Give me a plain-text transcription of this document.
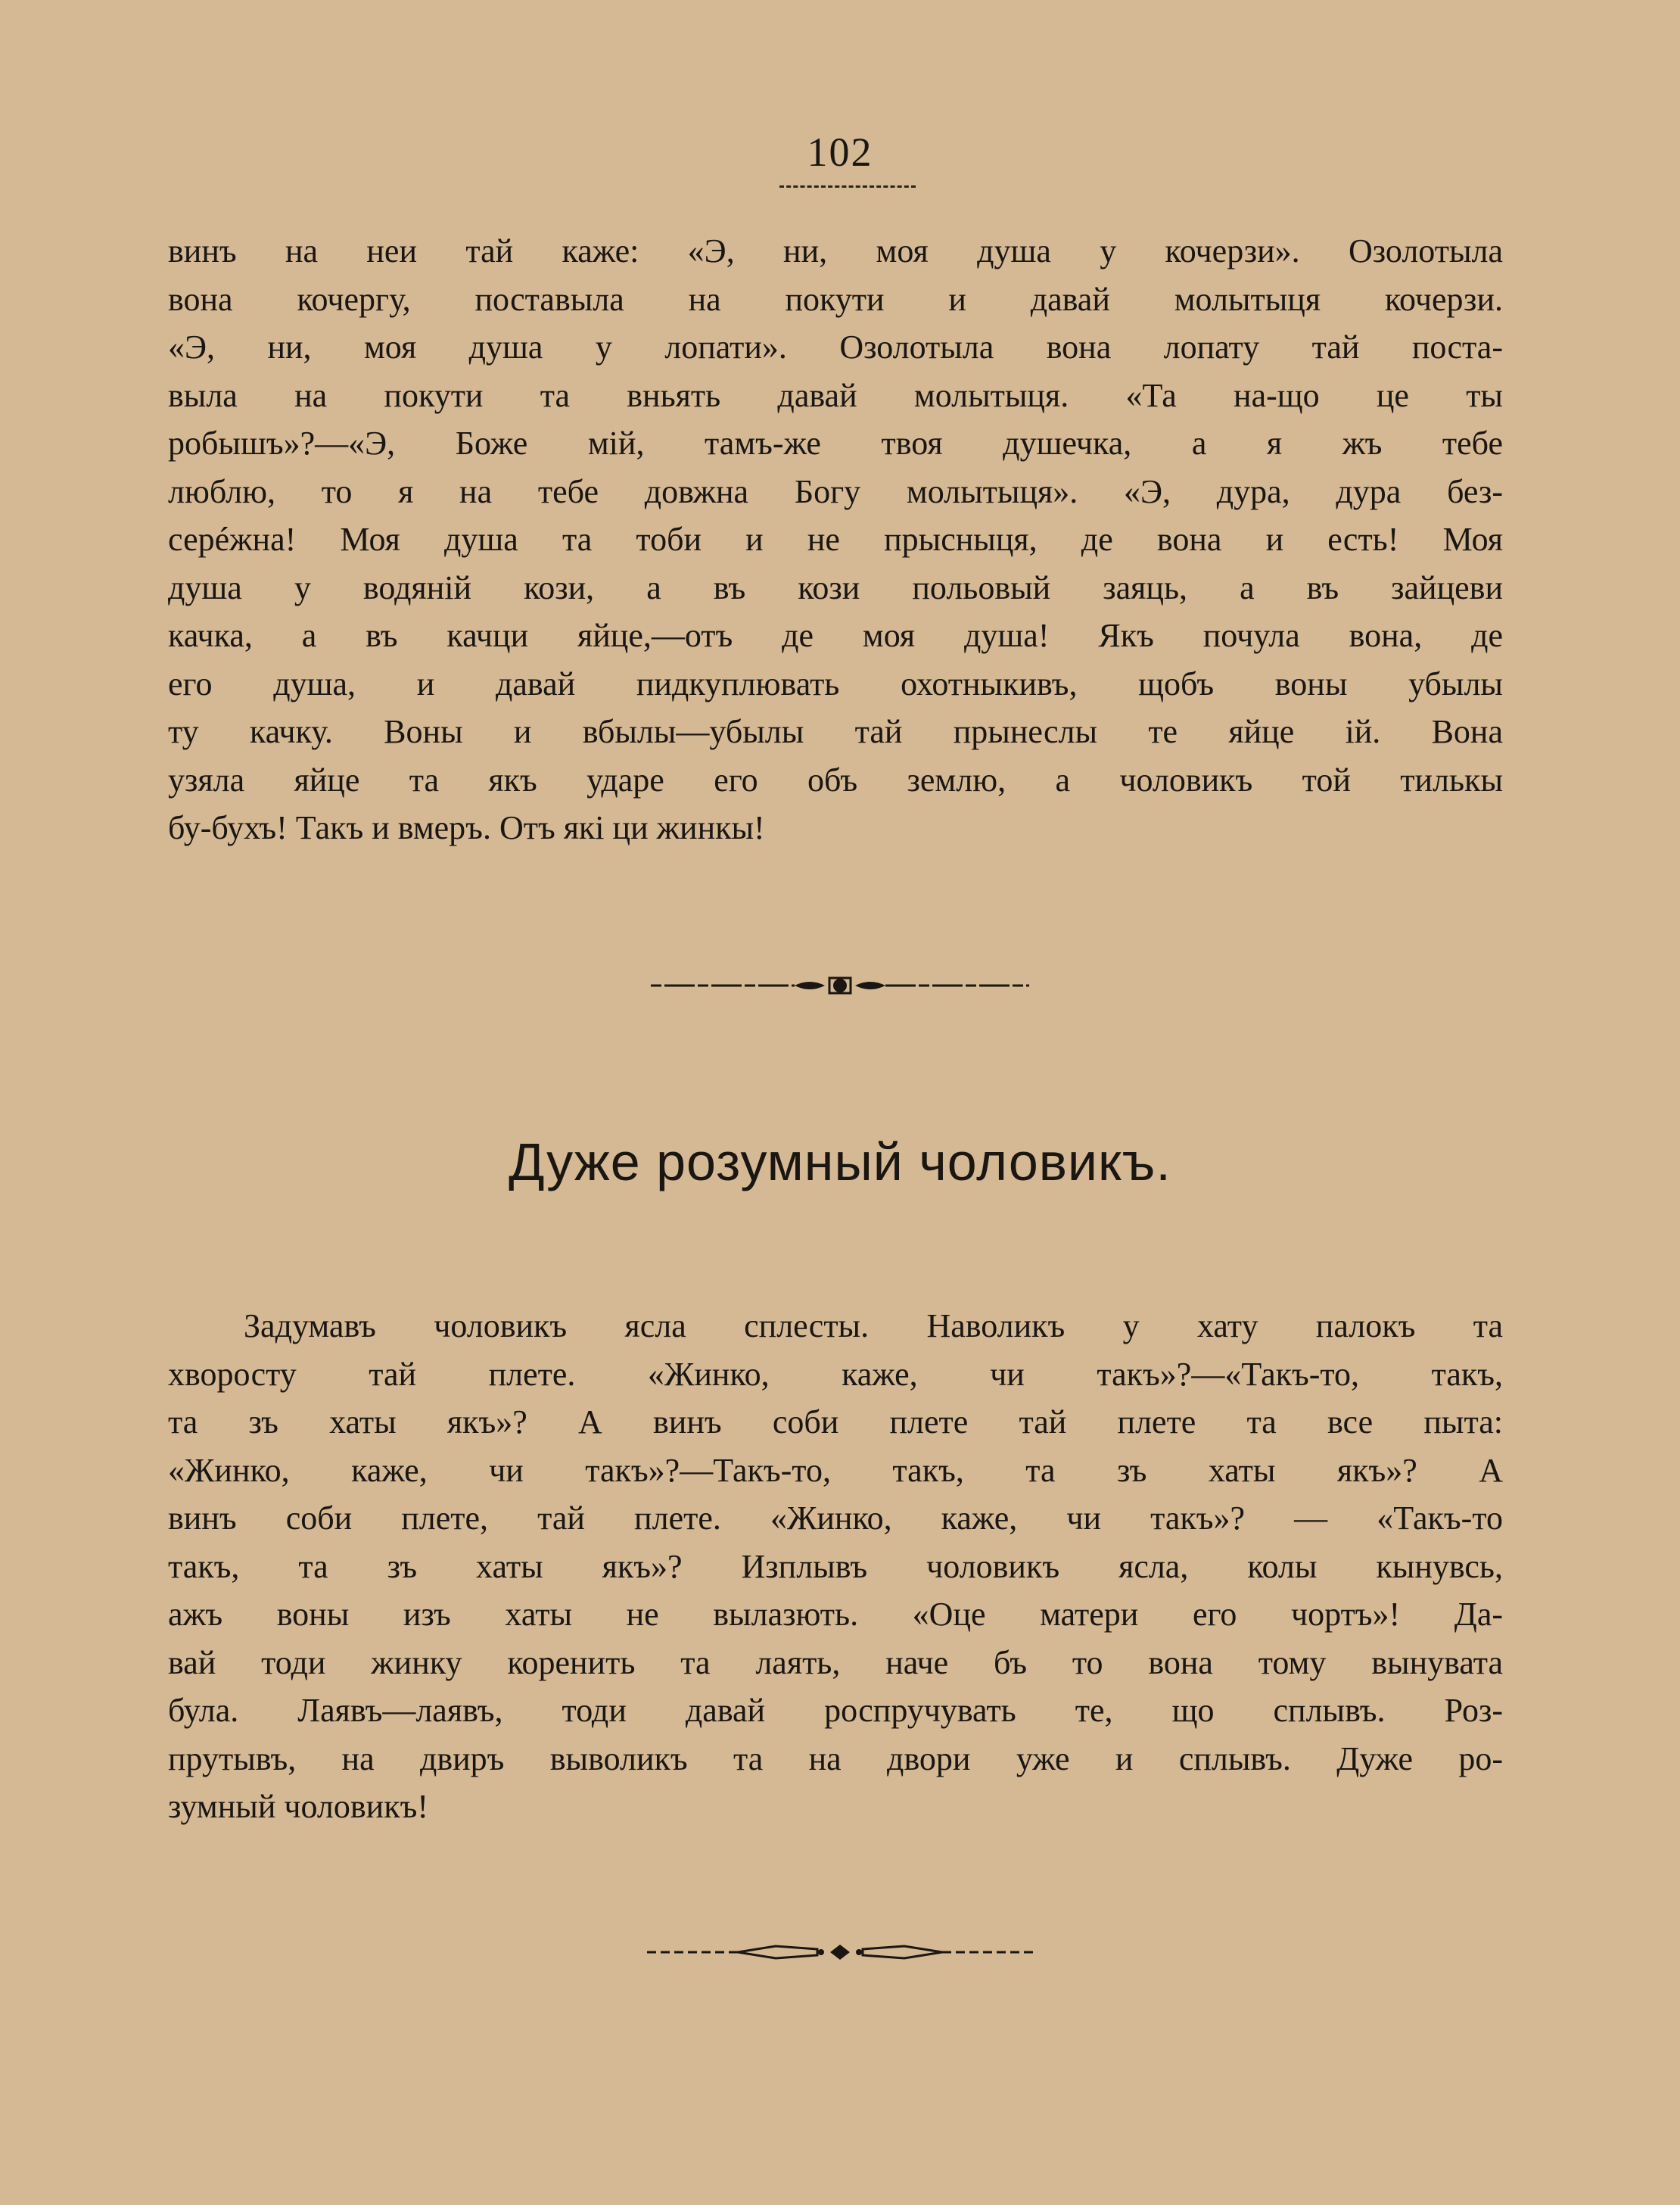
102
винъ на неи тай каже: «Э, ни, моя душа у кочерзи». Озолотыла
вона кочергу, поставыла на покути и давай молытыця кочерзи.
«Э, ни, моя душа у лопати». Озолотыла вона лопату тай поста-
выла на покути та вньять давай молытыця. «Та на-що це ты
робышъ»?—«Э, Боже мій, тамъ-же твоя душечка, а я жъ тебе
люблю, то я на тебе довжна Богу молытыця». «Э, дура, дура без-
серéжна! Моя душа та тоби и не прысныця, де вона и есть! Моя
душа у водяній кози, а въ кози польовый заяць, а въ зайцеви
качка, а въ качци яйце,—отъ де моя душа! Якъ почула вона, де
его душа, и давай пидкуплювать охотныкивъ, щобъ воны убылы
ту качку. Воны и вбылы—убылы тай прынеслы те яйце ій. Вона
узяла яйце та якъ ударе его объ землю, а чоловикъ той тилькы
бу-бухъ! Такъ и вмеръ. Отъ які ци жинкы!
Дуже розумный чоловикъ.
Задумавъ чоловикъ ясла сплесты. Наволикъ у хату палокъ та
хворосту тай плете. «Жинко, каже, чи такъ»?—«Такъ-то, такъ,
та зъ хаты якъ»? А винъ соби плете тай плете та все пыта:
«Жинко, каже, чи такъ»?—Такъ-то, такъ, та зъ хаты якъ»? А
винъ соби плете, тай плете. «Жинко, каже, чи такъ»? — «Такъ-то
такъ, та зъ хаты якъ»? Изплывъ чоловикъ ясла, колы кынувсь,
ажъ воны изъ хаты не вылазють. «Оце матери его чортъ»! Да-
вай тоди жинку коренить та лаять, наче бъ то вона тому вынувата
була. Лаявъ—лаявъ, тоди давай роспручувать те, що сплывъ. Роз-
прутывъ, на двиръ выволикъ та на двори уже и сплывъ. Дуже ро-
зумный чоловикъ!
